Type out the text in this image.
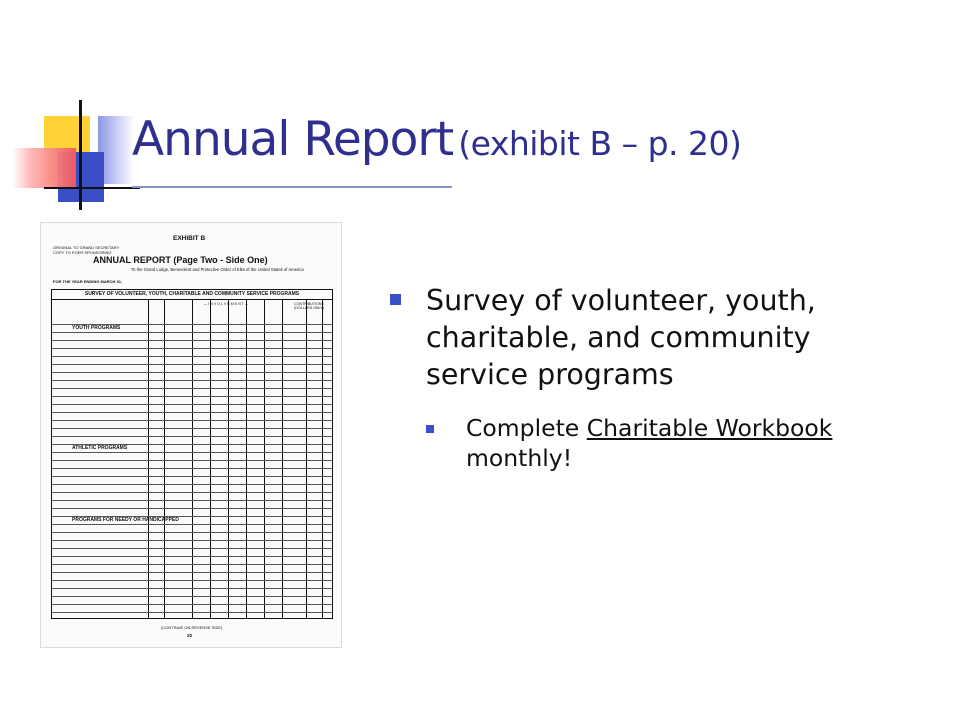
Annual Report (exhibit B – p. 20)
EXHIBIT B
ORIGINAL TO GRAND SECRETARY
COPY TO POER SPONSORING
ANNUAL REPORT (Page Two - Side One)
To the Grand Lodge, Benevolent and Protective Order of Elks of the United States of America
FOR THE YEAR ENDING MARCH 31,
SURVEY OF VOLUNTEER, YOUTH, CHARITABLE AND COMMUNITY SERVICE PROGRAMS
— I N V O L V E M E N T —	CONTRIBUTIONS (DOLLARS ONLY)
YOUTH PROGRAMS
ATHLETIC PROGRAMS
PROGRAMS FOR NEEDY OR HANDICAPPED
(CONTINUE ON REVERSE SIDE)
20
Survey of volunteer, youth, charitable, and community service programs
Complete Charitable Workbook monthly!
